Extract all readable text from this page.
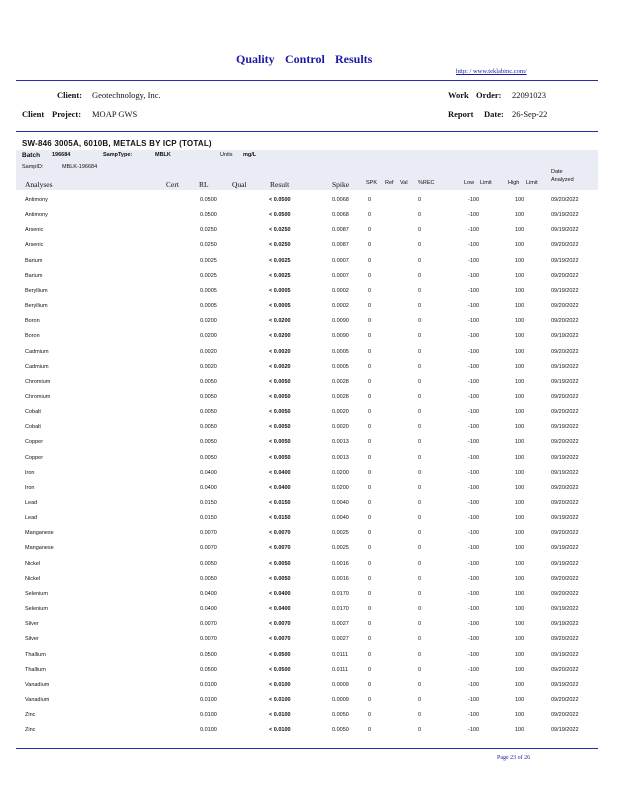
Quality Control Results
http: / www.teklabinc.com/
Client: Geotechnology, Inc.
Client Project: MOAP GWS
Work Order: 22091023
Report Date: 26-Sep-22
SW-846 3005A, 6010B, METALS BY ICP (TOTAL)
Batch 196684	SampType:	MBLK	Units mg/L
SampID:	MBLK-196684
Date
Analyses	Cert	RL	Qual	Result	Spike	SPK Ref Val %REC	Low Limit	High Limit Analyzed
Antimony	0.0500	< 0.0500	0.0068	0	0	-100	100	09/20/2022
Antimony	0.0500	< 0.0500	0.0068	0	0	-100	100	09/19/2022
Arsenic	0.0250	< 0.0250	0.0087	0	0	-100	100	09/19/2022
Arsenic	0.0250	< 0.0250	0.0087	0	0	-100	100	09/20/2022
Barium	0.0025	< 0.0025	0.0007	0	0	-100	100	09/19/2022
Barium	0.0025	< 0.0025	0.0007	0	0	-100	100	09/20/2022
Beryllium	0.0005	< 0.0005	0.0002	0	0	-100	100	09/19/2022
Beryllium	0.0005	< 0.0005	0.0002	0	0	-100	100	09/20/2022
Boron	0.0200	< 0.0200	0.0090	0	0	-100	100	09/20/2022
Boron	0.0200	< 0.0200	0.0090	0	0	-100	100	09/19/2022
Cadmium	0.0020	< 0.0020	0.0005	0	0	-100	100	09/20/2022
Cadmium	0.0020	< 0.0020	0.0005	0	0	-100	100	09/19/2022
Chromium	0.0050	< 0.0050	0.0028	0	0	-100	100	09/19/2022
Chromium	0.0050	< 0.0050	0.0028	0	0	-100	100	09/20/2022
Cobalt	0.0050	< 0.0050	0.0020	0	0	-100	100	09/20/2022
Cobalt	0.0050	< 0.0050	0.0020	0	0	-100	100	09/19/2022
Copper	0.0050	< 0.0050	0.0013	0	0	-100	100	09/20/2022
Copper	0.0050	< 0.0050	0.0013	0	0	-100	100	09/19/2022
Iron	0.0400	< 0.0400	0.0200	0	0	-100	100	09/19/2022
Iron	0.0400	< 0.0400	0.0200	0	0	-100	100	09/20/2022
Lead	0.0150	< 0.0150	0.0040	0	0	-100	100	09/20/2022
Lead	0.0150	< 0.0150	0.0040	0	0	-100	100	09/19/2022
Manganese	0.0070	< 0.0070	0.0025	0	0	-100	100	09/20/2022
Manganese	0.0070	< 0.0070	0.0025	0	0	-100	100	09/19/2022
Nickel	0.0050	< 0.0050	0.0016	0	0	-100	100	09/19/2022
Nickel	0.0050	< 0.0050	0.0016	0	0	-100	100	09/20/2022
Selenium	0.0400	< 0.0400	0.0170	0	0	-100	100	09/20/2022
Selenium	0.0400	< 0.0400	0.0170	0	0	-100	100	09/19/2022
Silver	0.0070	< 0.0070	0.0027	0	0	-100	100	09/19/2022
Silver	0.0070	< 0.0070	0.0027	0	0	-100	100	09/20/2022
Thallium	0.0500	< 0.0500	0.0111	0	0	-100	100	09/19/2022
Thallium	0.0500	< 0.0500	0.0111	0	0	-100	100	09/20/2022
Vanadium	0.0100	< 0.0100	0.0009	0	0	-100	100	09/19/2022
Vanadium	0.0100	< 0.0100	0.0009	0	0	-100	100	09/20/2022
Zinc	0.0100	< 0.0100	0.0050	0	0	-100	100	09/20/2022
Zinc	0.0100	< 0.0100	0.0050	0	0	-100	100	09/19/2022
Page 23 of 26
